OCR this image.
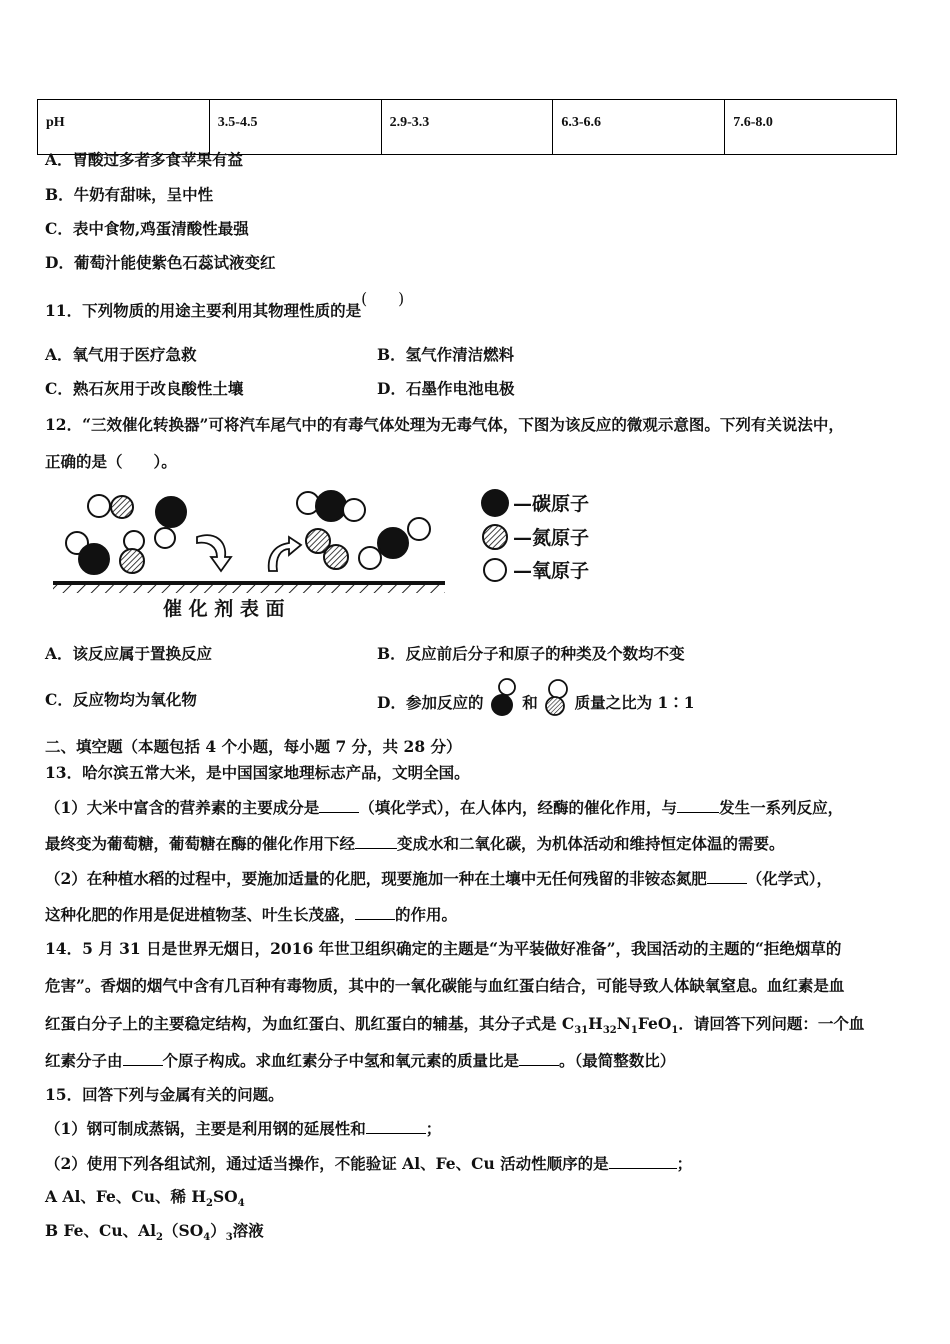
pH	3.5-4.5	2.9-3.3	6.3-6.6	7.6-8.0
A．胃酸过多者多食苹果有益
B．牛奶有甜味，呈中性
C．表中食物,鸡蛋清酸性最强
D．葡萄汁能使紫色石蕊试液变红
11．下列物质的用途主要利用其物理性质的是(　　)
A．氧气用于医疗急救	B．氢气作清洁燃料
C．熟石灰用于改良酸性土壤	D．石墨作电池电极
12．“三效催化转换器”可将汽车尾气中的有毒气体处理为无毒气体，下图为该反应的微观示意图。下列有关说法中，
正确的是（　　）。
催 化 剂 表 面
—碳原子
—氮原子
—氧原子
A．该反应属于置换反应	B．反应前后分子和原子的种类及个数均不变
C．反应物均为氧化物	D．参加反应的	和 质量之比为 1∶1
二、填空题（本题包括 4 个小题，每小题 7 分，共 28 分）
13．哈尔滨五常大米，是中国国家地理标志产品，文明全国。
（1）大米中富含的营养素的主要成分是	（填化学式），在人体内，经酶的催化作用，与	发生一系列反应，
最终变为葡萄糖，葡萄糖在酶的催化作用下经	变成水和二氧化碳，为机体活动和维持恒定体温的需要。
（2）在种植水稻的过程中，要施加适量的化肥，现要施加一种在土壤中无任何残留的非铵态氮肥	（化学式），
这种化肥的作用是促进植物茎、叶生长茂盛，	的作用。
14．5 月 31 日是世界无烟日，2016 年世卫组织确定的主题是“为平装做好准备”，我国活动的主题的“拒绝烟草的
危害”。香烟的烟气中含有几百种有毒物质，其中的一氧化碳能与血红蛋白结合，可能导致人体缺氧窒息。血红素是血
红蛋白分子上的主要稳定结构，为血红蛋白、肌红蛋白的辅基，其分子式是 $C_{31}H_{32}N_1FeO_1$．请回答下列问题：一个血
红素分子由	个原子构成。求血红素分子中氢和氧元素的质量比是	。（最简整数比）
15．回答下列与金属有关的问题。
（1）钢可制成蒸锅，主要是利用钢的延展性和	；
（2）使用下列各组试剂，通过适当操作，不能验证 Al、Fe、Cu 活动性顺序的是	；
A Al、Fe、Cu、稀 $H_2SO_4$
B Fe、Cu、$Al_2(SO_4)_3$溶液
